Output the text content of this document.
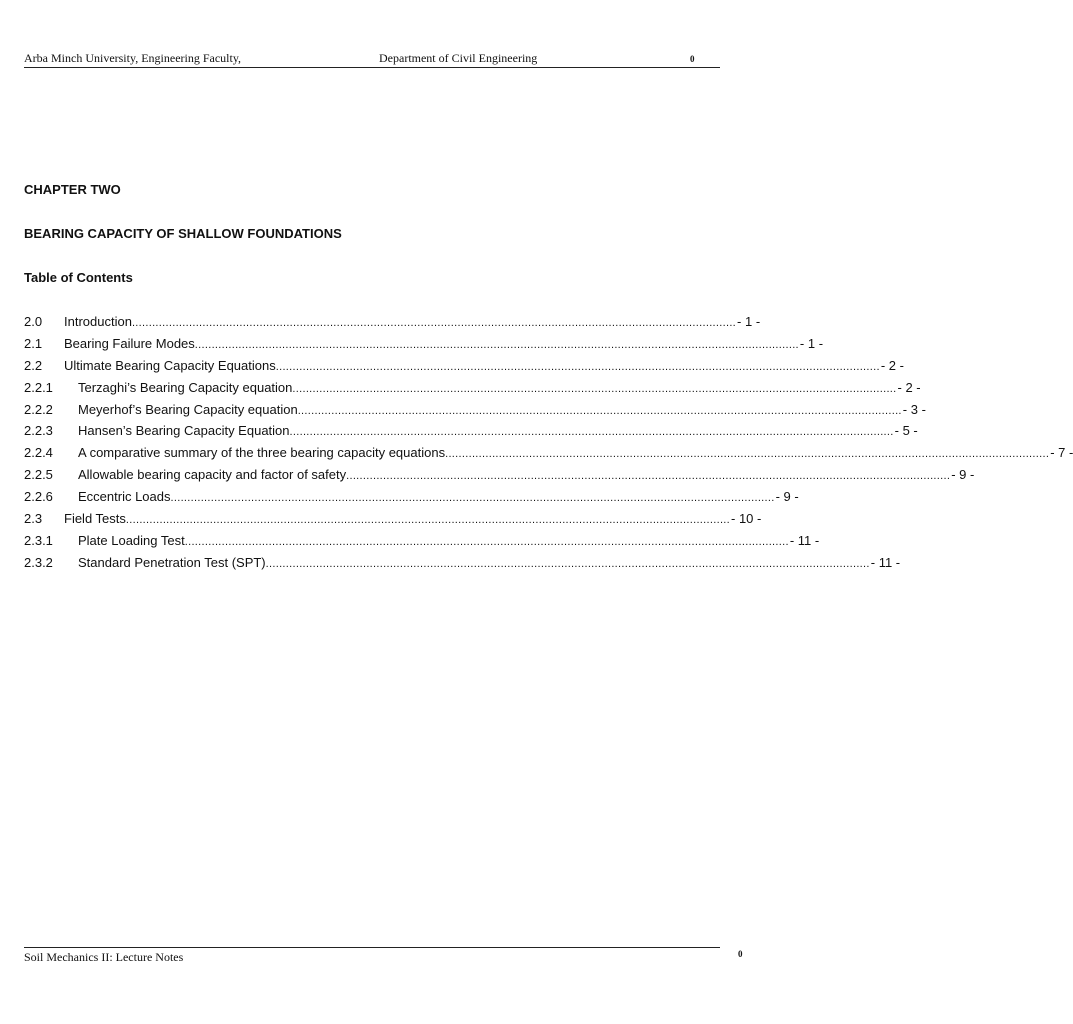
Arba Minch University, Engineering Faculty,	Department of Civil Engineering	0
CHAPTER TWO
BEARING CAPACITY OF SHALLOW FOUNDATIONS
Table of Contents
2.0 Introduction .................................................................................................................................................................................... - 1 -
2.1 Bearing Failure Modes .................................................................................................................................................................................... - 1 -
2.2 Ultimate Bearing Capacity Equations .................................................................................................................................................................................... - 2 -
2.2.1 Terzaghi’s Bearing Capacity equation .................................................................................................................................................................................... - 2 -
2.2.2 Meyerhof’s Bearing Capacity equation .................................................................................................................................................................................... - 3 -
2.2.3 Hansen’s Bearing Capacity Equation .................................................................................................................................................................................... - 5 -
2.2.4 A comparative summary of the three bearing capacity equations .................................................................................................................................................................................... - 7 -
2.2.5 Allowable bearing capacity and factor of safety .................................................................................................................................................................................... - 9 -
2.2.6 Eccentric Loads .................................................................................................................................................................................... - 9 -
2.3 Field Tests .................................................................................................................................................................................... - 10 -
2.3.1 Plate Loading Test .................................................................................................................................................................................... - 11 -
2.3.2 Standard Penetration Test (SPT) .................................................................................................................................................................................... - 11 -
Soil Mechanics II: Lecture Notes	0
